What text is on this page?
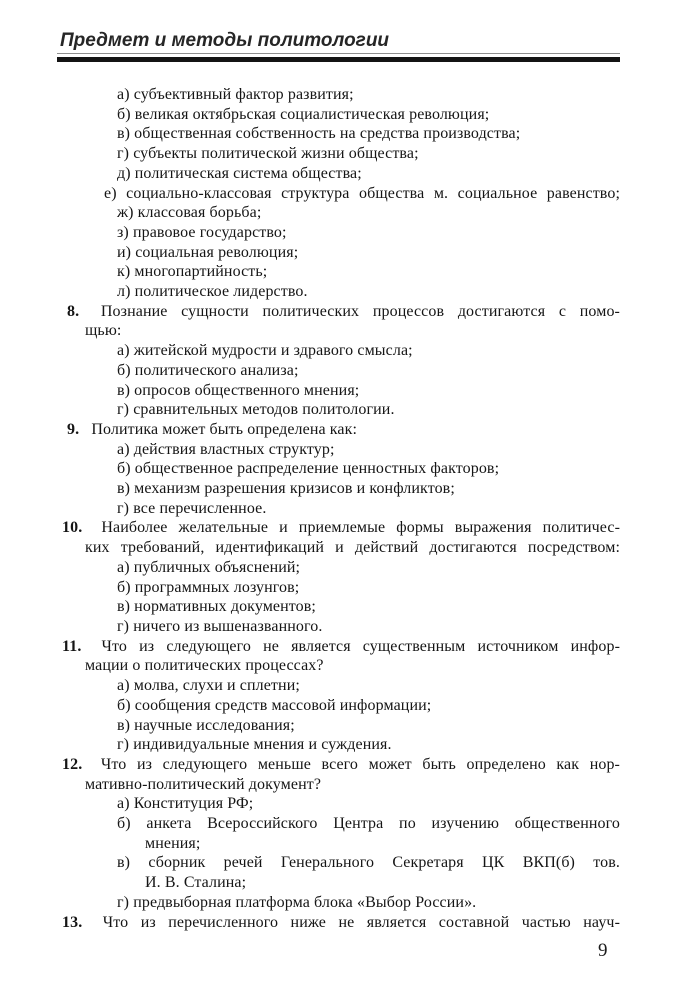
Предмет и методы политологии
а) субъективный фактор развития;
б) великая октябрьская социалистическая революция;
в) общественная собственность на средства производства;
г) субъекты политической жизни общества;
д) политическая система общества;
е) социально-классовая структура общества м. социальное равенство;
ж) классовая борьба;
з) правовое государство;
и) социальная революция;
к) многопартийность;
л) политическое лидерство.
8. Познание сущности политических процессов достигаются с помо-
щью:
а) житейской мудрости и здравого смысла;
б) политического анализа;
в) опросов общественного мнения;
г) сравнительных методов политологии.
9. Политика может быть определена как:
а) действия властных структур;
б) общественное распределение ценностных факторов;
в) механизм разрешения кризисов и конфликтов;
г) все перечисленное.
10. Наиболее желательные и приемлемые формы выражения политичес-
ких требований, идентификаций и действий достигаются посредством:
а) публичных объяснений;
б) программных лозунгов;
в) нормативных документов;
г) ничего из вышеназванного.
11. Что из следующего не является существенным источником инфор-
мации о политических процессах?
а) молва, слухи и сплетни;
б) сообщения средств массовой информации;
в) научные исследования;
г) индивидуальные мнения и суждения.
12. Что из следующего меньше всего может быть определено как нор-
мативно-политический документ?
а) Конституция РФ;
б) анкета Всероссийского Центра по изучению общественного
мнения;
в) сборник речей Генерального Секретаря ЦК ВКП(б) тов.
И. В. Сталина;
г) предвыборная платформа блока «Выбор России».
13. Что из перечисленного ниже не является составной частью науч-
9
